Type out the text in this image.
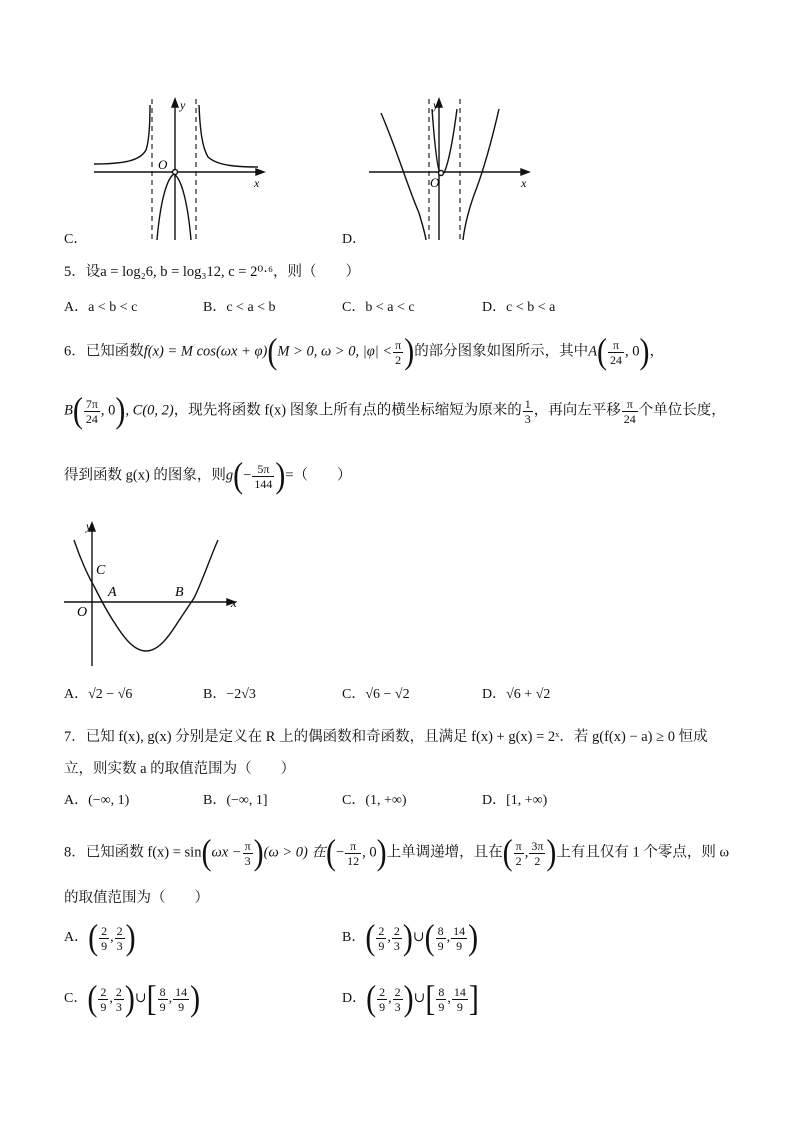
y
x
O
C．
y
x
O
D．
5．设a = log₂6, b = log₃12, c = 2⁰·⁶，则（　　）
A．a < b < c	B．c < a < b	C．b < a < c	D．c < b < a
6．已知函数f(x) = M cos(ωx + φ)(M > 0, ω > 0, $|\varphi| < \frac{\pi}{2}$ )的部分图象如图所示，其中$A( \frac{\pi}{24}$ , 0)，
$B( \frac{7\pi}{24}$ , 0), C(0, 2)，现先将函数 f(x) 图象上所有点的横坐标缩短为原来的 $\frac{1}{3}$ ，再向左平移 $\frac{\pi}{24}$ 个单位长度，
得到函数 g(x) 的图象，则$g(- \frac{5\pi}{144}$ )=（　　）
y
x
O
C
A	B
A．√2 − √6	B．−2√3	C．√6 − √2	D．√6 + √2
7．已知 f(x), g(x) 分别是定义在 R 上的偶函数和奇函数，且满足 f(x) + g(x) = 2ˣ．若 g(f(x) − a) ≥ 0 恒成
立，则实数 a 的取值范围为（　　）
A．(−∞, 1)	B．(−∞, 1]	C．(1, +∞)	D．[1, +∞)
8．已知函数 $f(x) = \sin(\omega x - \frac{\pi}{3} )(\omega > 0)$ 在(− $\frac{\pi}{12}$ , 0)上单调递增，且在( $\frac{\pi}{2}$ , $\frac{3\pi}{2}$ )上有且仅有 1 个零点，则 ω
的取值范围为（　　）
A．( $\frac{2}{9}$ , $\frac{2}{3}$ )	B．( $\frac{2}{9}$ , $\frac{2}{3}$ )∪( $\frac{8}{9}$ , $\frac{14}{9}$ )
C．( $\frac{2}{9}$ , $\frac{2}{3}$ )∪[ $\frac{8}{9}$ , $\frac{14}{9}$ )	D．( $\frac{2}{9}$ , $\frac{2}{3}$ )∪[ $\frac{8}{9}$ , $\frac{14}{9}$ ]
